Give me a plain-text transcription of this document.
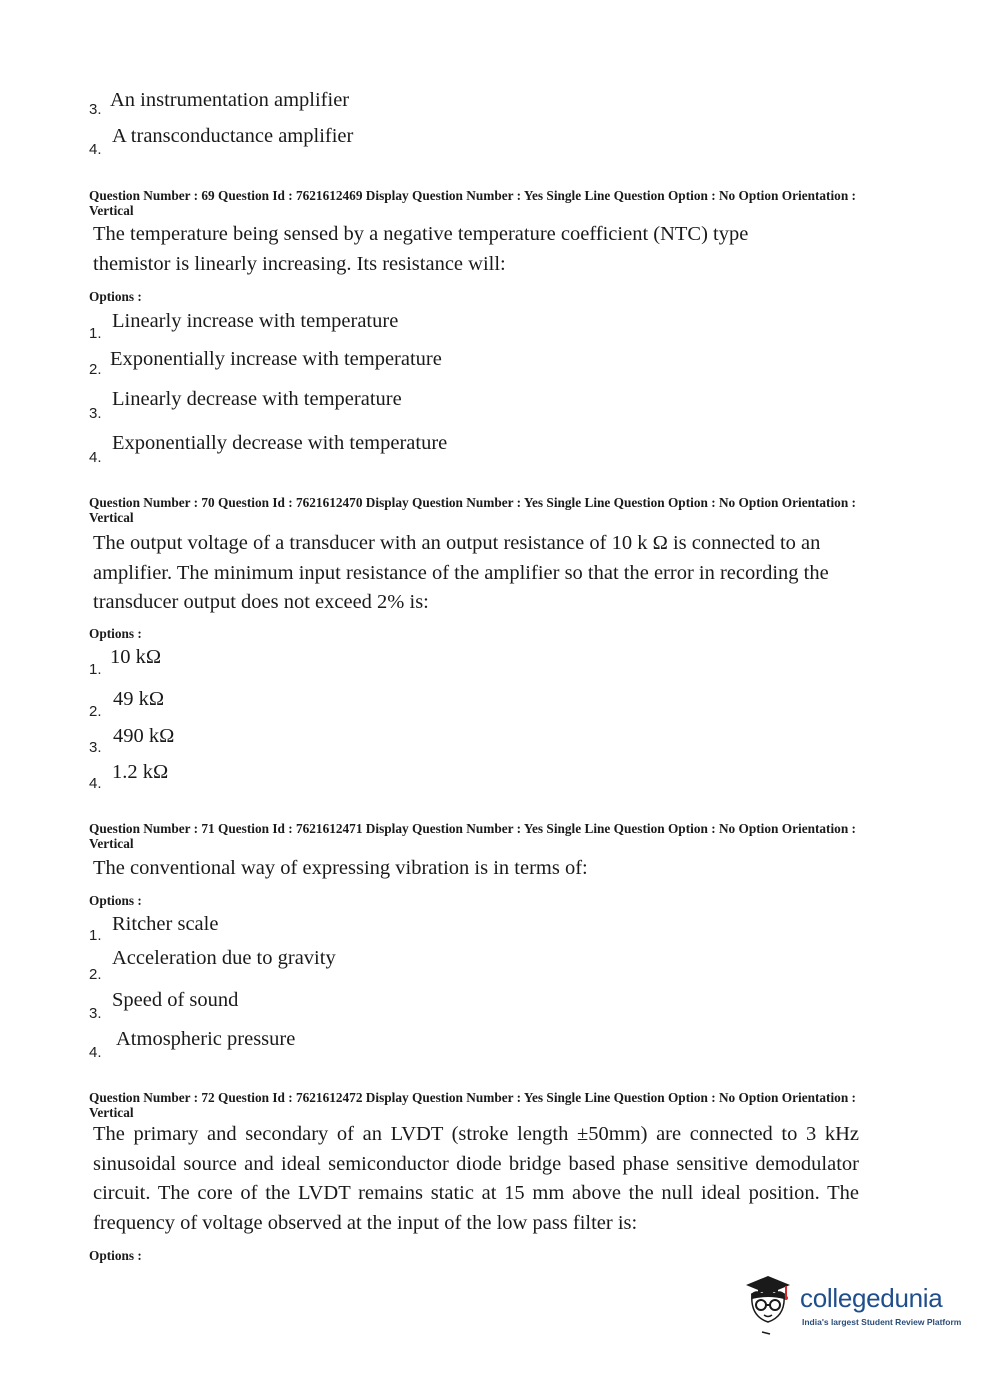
3. An instrumentation amplifier
4.
A transconductance amplifier
Question Number : 69 Question Id : 7621612469 Display Question Number : Yes Single Line Question Option : No Option Orientation : Vertical
The temperature being sensed by a negative temperature coefficient (NTC) type themistor is linearly increasing. Its resistance will:
Options :
1.
Linearly increase with temperature
2. Exponentially increase with temperature
3.
Linearly decrease with temperature
4.
Exponentially decrease with temperature
Question Number : 70 Question Id : 7621612470 Display Question Number : Yes Single Line Question Option : No Option Orientation : Vertical
The output voltage of a transducer with an output resistance of 10 k Ω is connected to an amplifier. The minimum input resistance of the amplifier so that the error in recording the transducer output does not exceed 2% is:
Options :
1.
10 kΩ
2.
49 kΩ
3.
490 kΩ
4.
1.2 kΩ
Question Number : 71 Question Id : 7621612471 Display Question Number : Yes Single Line Question Option : No Option Orientation : Vertical
The conventional way of expressing vibration is in terms of:
Options :
1.
Ritcher scale
2.
Acceleration due to gravity
3.
Speed of sound
4.
Atmospheric pressure
Question Number : 72 Question Id : 7621612472 Display Question Number : Yes Single Line Question Option : No Option Orientation : Vertical
The primary and secondary of an LVDT (stroke length ±50mm) are connected to 3 kHz sinusoidal source and ideal semiconductor diode bridge based phase sensitive demodulator circuit. The core of the LVDT remains static at 15 mm above the null ideal position. The frequency of voltage observed at the input of the low pass filter is:
Options :
collegedunia
India's largest Student Review Platform
